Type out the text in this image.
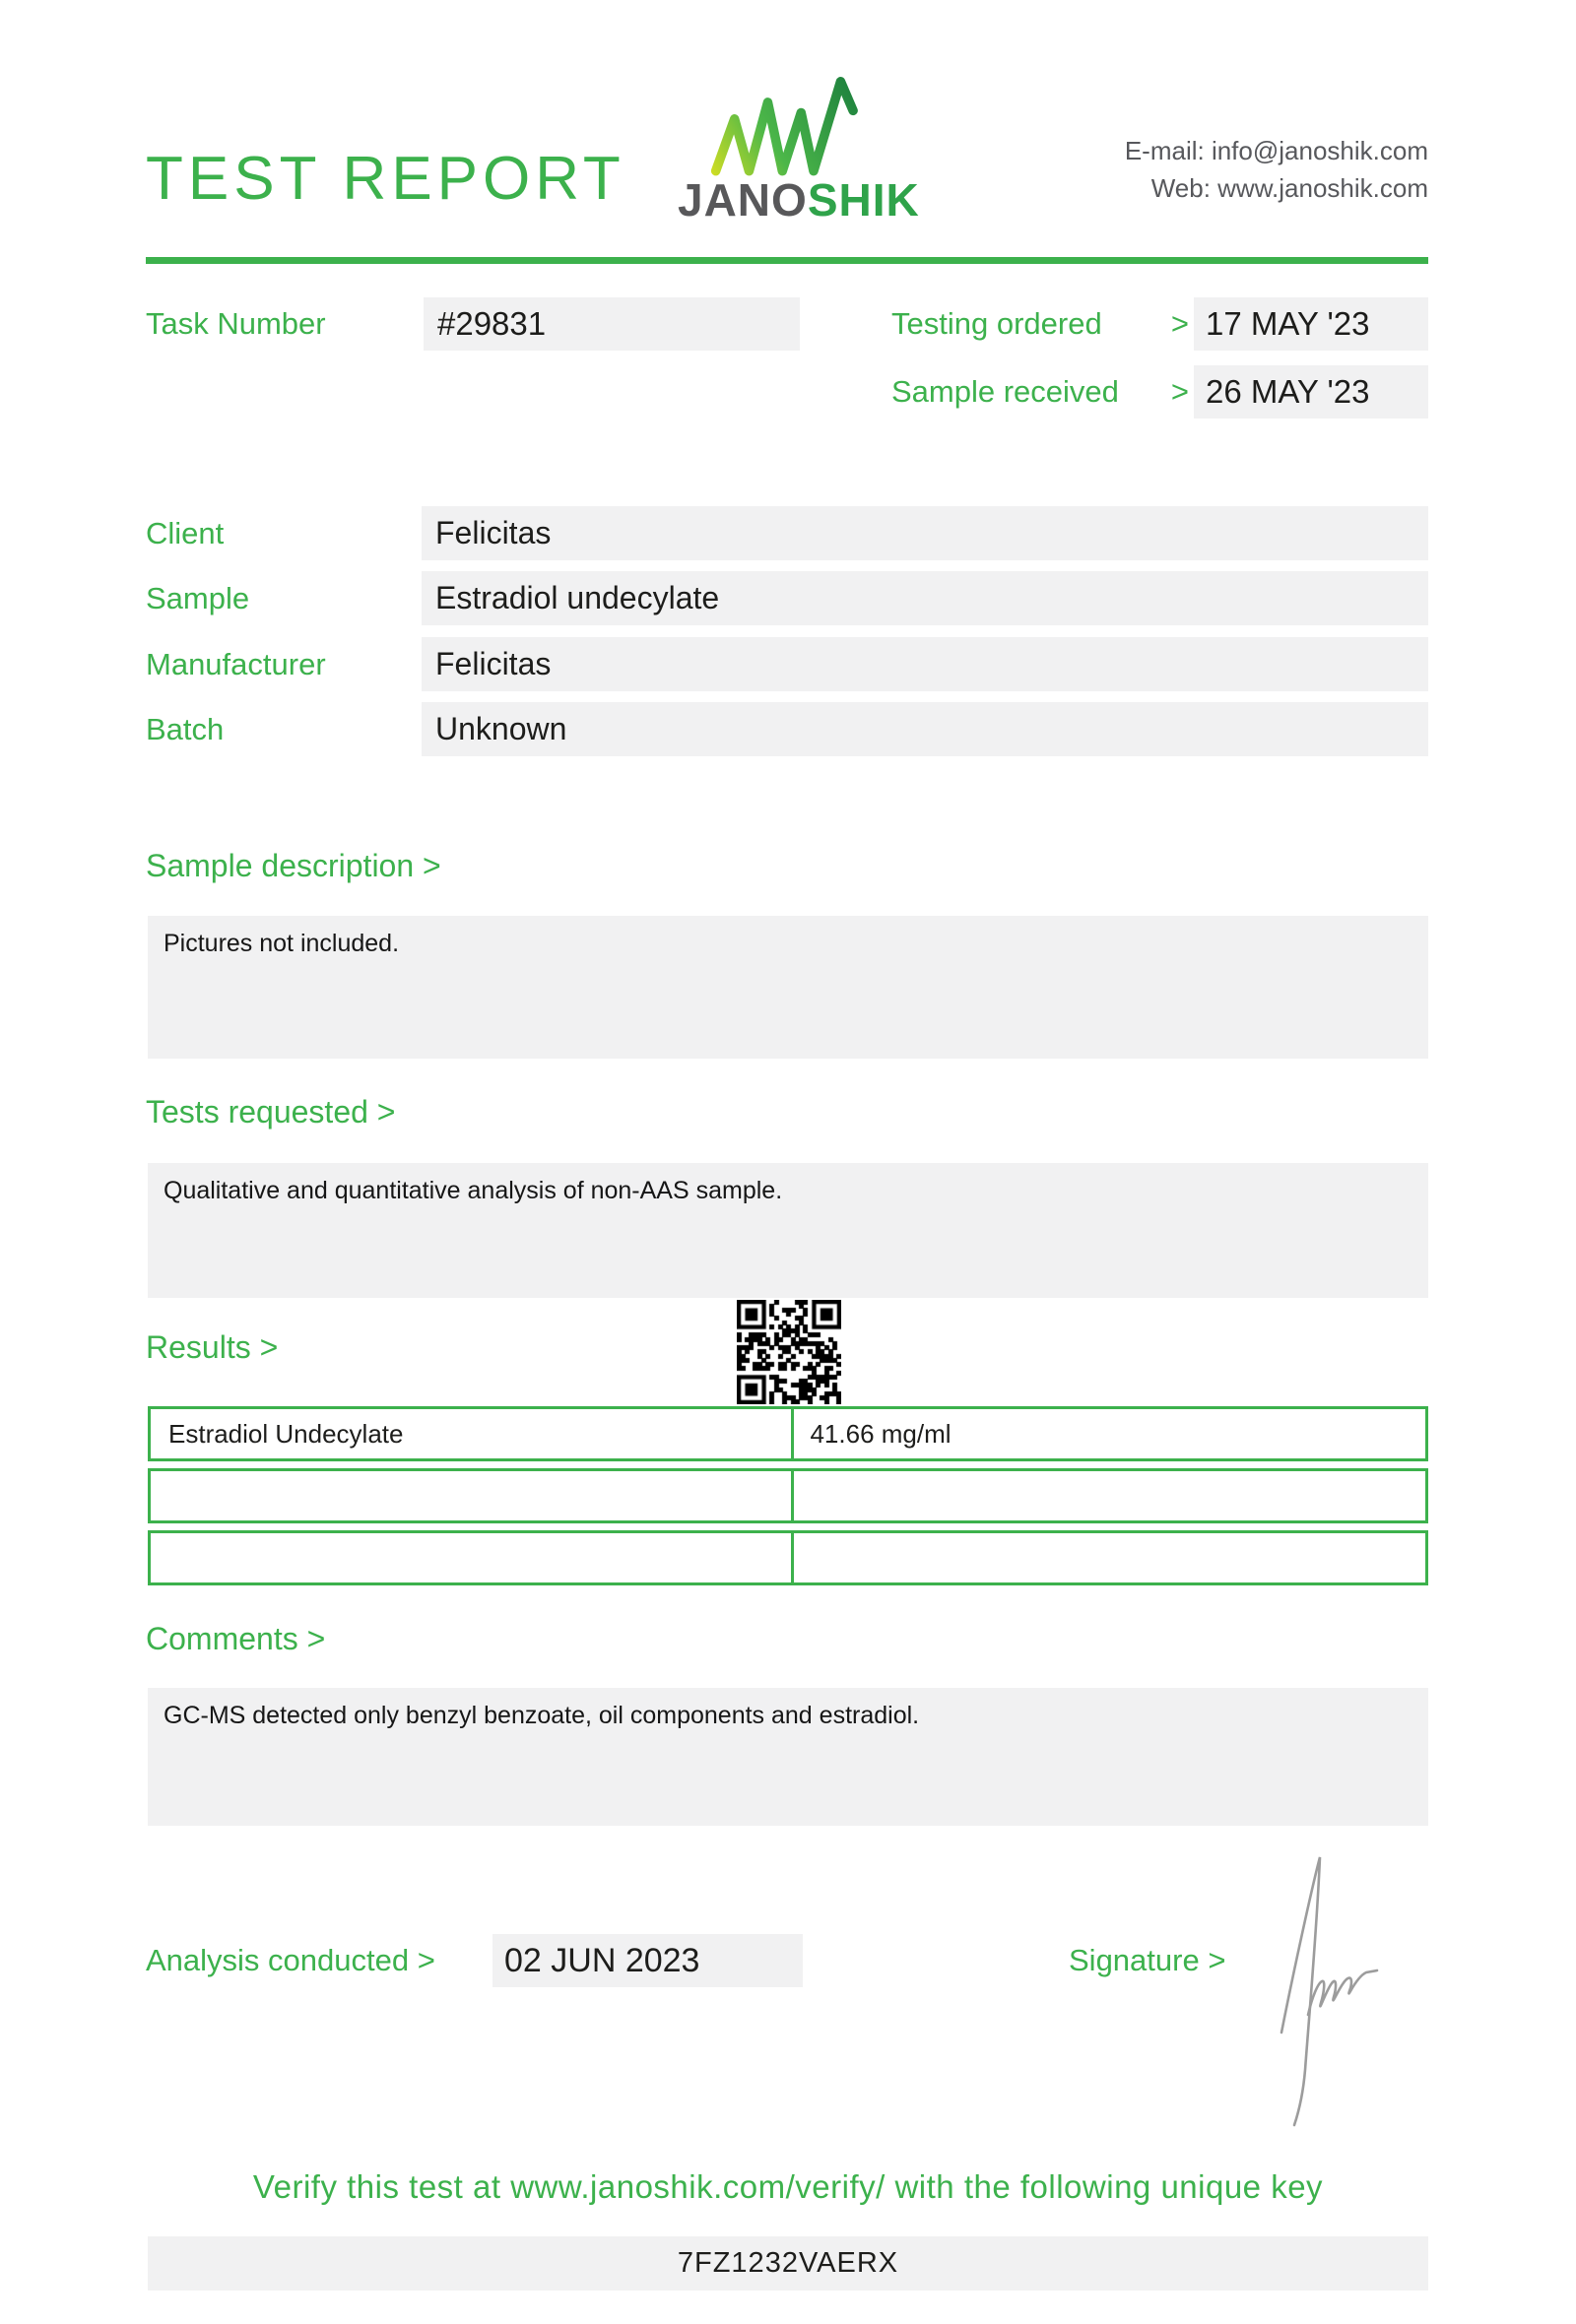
TEST REPORT JANOSHIK
E-mail: info@janoshik.com
Web: www.janoshik.com
Task Number	#29831	Testing ordered > 17 MAY '23
Sample received > 26 MAY '23
Client	Felicitas
Sample	Estradiol undecylate
Manufacturer	Felicitas
Batch	Unknown
Sample description >
Pictures not included.
Tests requested >
Qualitative and quantitative analysis of non-AAS sample.
Results >
Estradiol Undecylate	41.66 mg/ml
Comments >
GC-MS detected only benzyl benzoate, oil components and estradiol.
Analysis conducted >	02 JUN 2023	Signature >
Verify this test at www.janoshik.com/verify/ with the following unique key
7FZ1232VAERX
